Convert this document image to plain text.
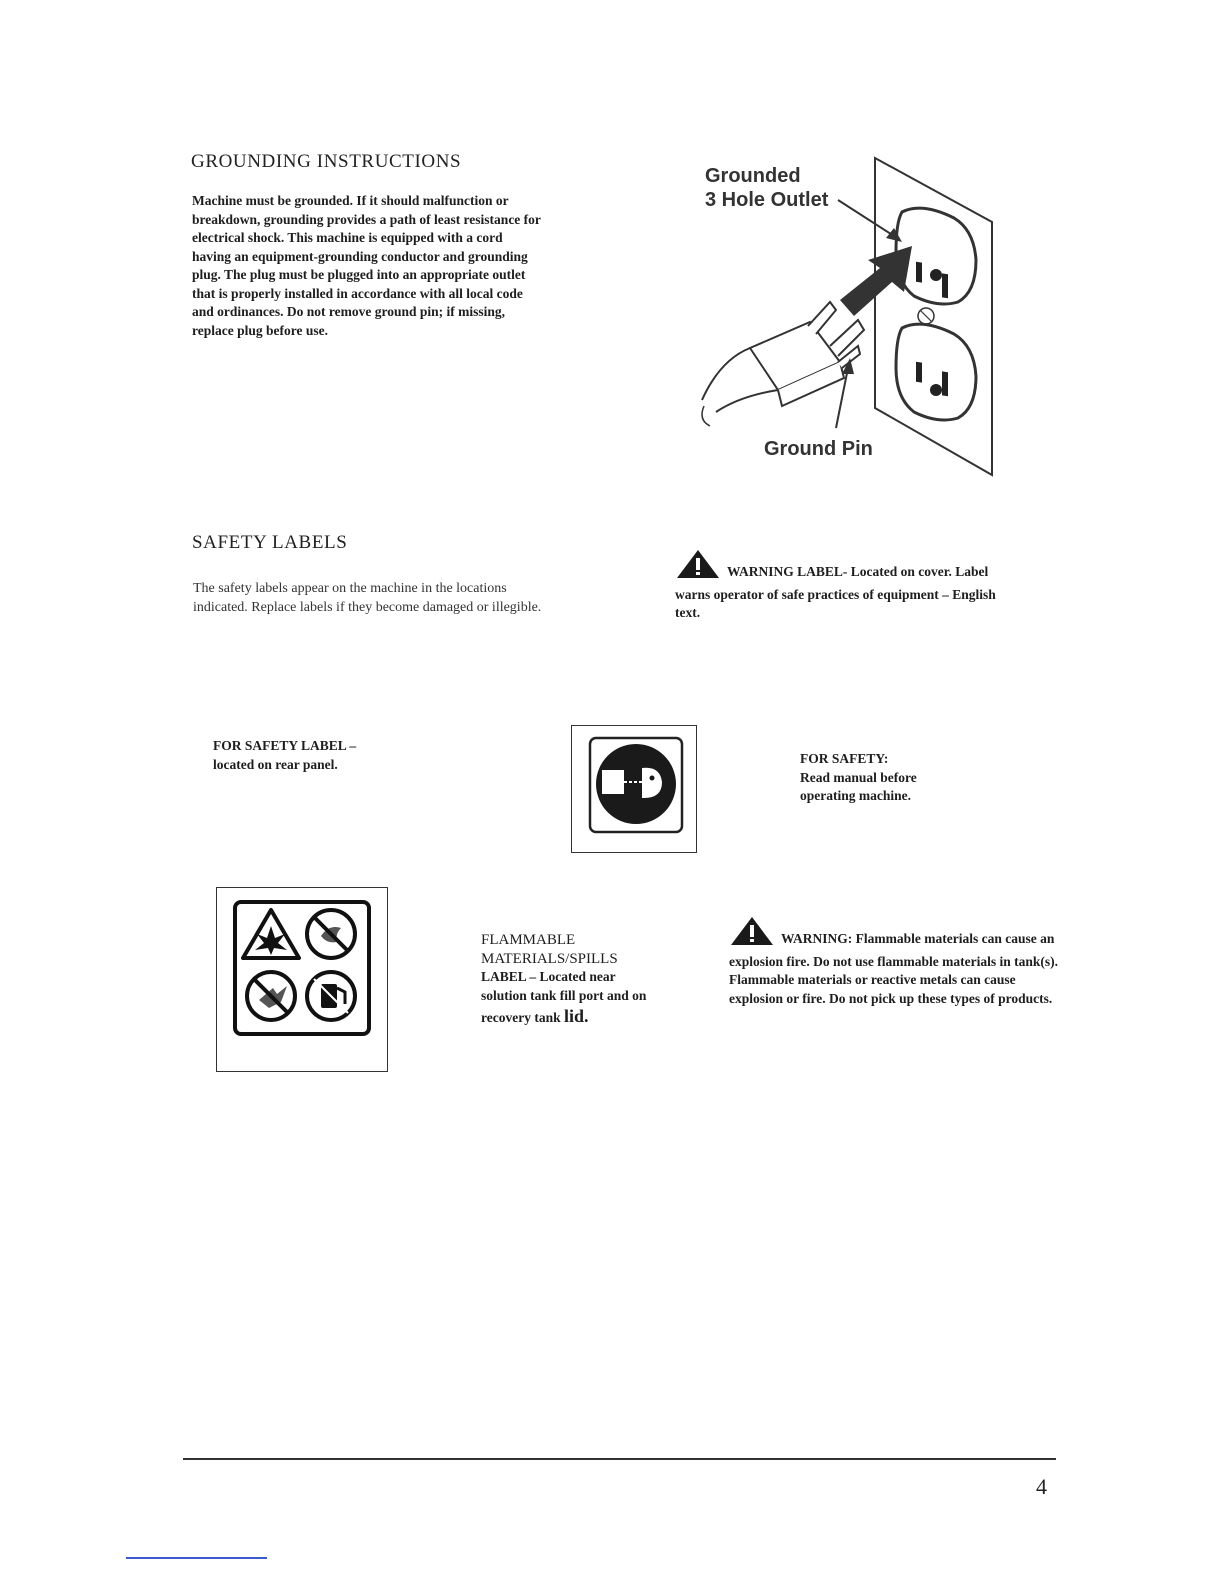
GROUNDING INSTRUCTIONS
Machine must be grounded. If it should malfunction or
breakdown, grounding provides a path of least resistance for
electrical shock. This machine is equipped with a cord
having an equipment-grounding conductor and grounding
plug. The plug must be plugged into an appropriate outlet
that is properly installed in accordance with all local code
and ordinances. Do not remove ground pin; if missing,
replace plug before use.
Grounded
3 Hole Outlet
Ground Pin
SAFETY LABELS
The safety labels appear on the machine in the locations
indicated. Replace labels if they become damaged or illegible.
WARNING LABEL- Located on cover. Label
warns operator of safe practices of equipment – English
text.
FOR SAFETY LABEL –
located on rear panel.	FOR SAFETY:
Read manual before
operating machine.
FLAMMABLE
MATERIALS/SPILLS
LABEL – Located near
solution tank fill port and on
recovery tank lid.
WARNING: Flammable materials can cause an
explosion fire. Do not use flammable materials in tank(s).
Flammable materials or reactive metals can cause
explosion or fire. Do not pick up these types of products.
4
